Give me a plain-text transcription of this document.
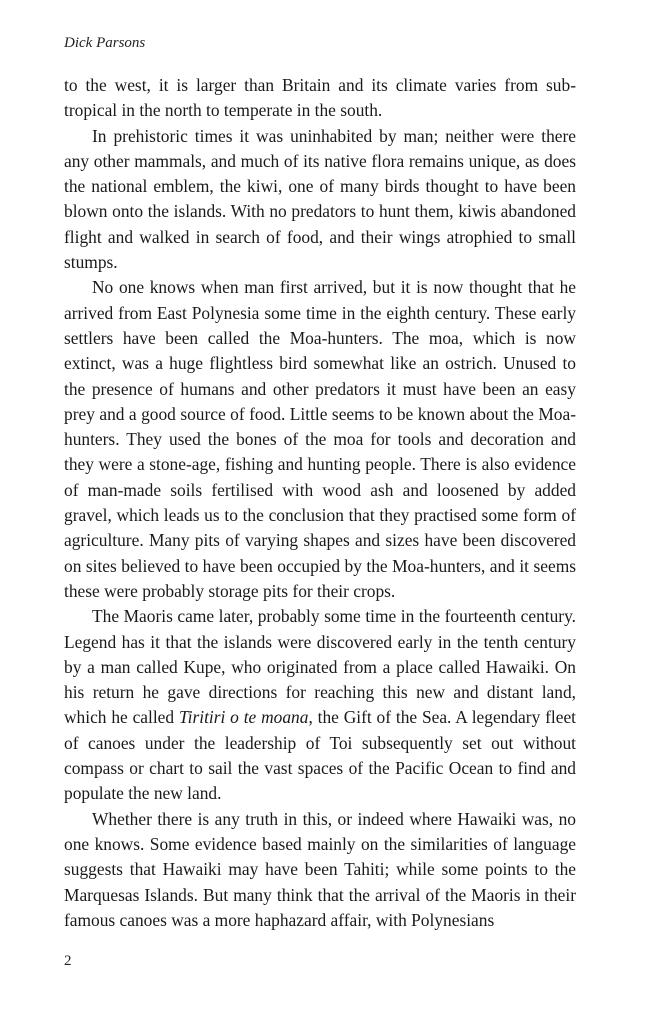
Dick Parsons

to the west, it is larger than Britain and its climate varies from sub-tropical in the north to temperate in the south.

In prehistoric times it was uninhabited by man; neither were there any other mammals, and much of its native flora remains unique, as does the national emblem, the kiwi, one of many birds thought to have been blown onto the islands. With no predators to hunt them, kiwis abandoned flight and walked in search of food, and their wings atrophied to small stumps.

No one knows when man first arrived, but it is now thought that he arrived from East Polynesia some time in the eighth century. These early settlers have been called the Moa-hunters. The moa, which is now extinct, was a huge flightless bird somewhat like an ostrich. Unused to the presence of humans and other predators it must have been an easy prey and a good source of food. Little seems to be known about the Moa-hunters. They used the bones of the moa for tools and decoration and they were a stone-age, fishing and hunting people. There is also evidence of man-made soils fertilised with wood ash and loosened by added gravel, which leads us to the conclusion that they practised some form of agriculture. Many pits of varying shapes and sizes have been discovered on sites believed to have been occupied by the Moa-hunters, and it seems these were probably storage pits for their crops.

The Maoris came later, probably some time in the fourteenth century. Legend has it that the islands were discovered early in the tenth century by a man called Kupe, who originated from a place called Hawaiki. On his return he gave directions for reaching this new and distant land, which he called Tiritiri o te moana, the Gift of the Sea. A legendary fleet of canoes under the leadership of Toi subsequently set out without compass or chart to sail the vast spaces of the Pacific Ocean to find and populate the new land.

Whether there is any truth in this, or indeed where Hawaiki was, no one knows. Some evidence based mainly on the similarities of language suggests that Hawaiki may have been Tahiti; while some points to the Marquesas Islands. But many think that the arrival of the Maoris in their famous canoes was a more haphazard affair, with Polynesians

2
